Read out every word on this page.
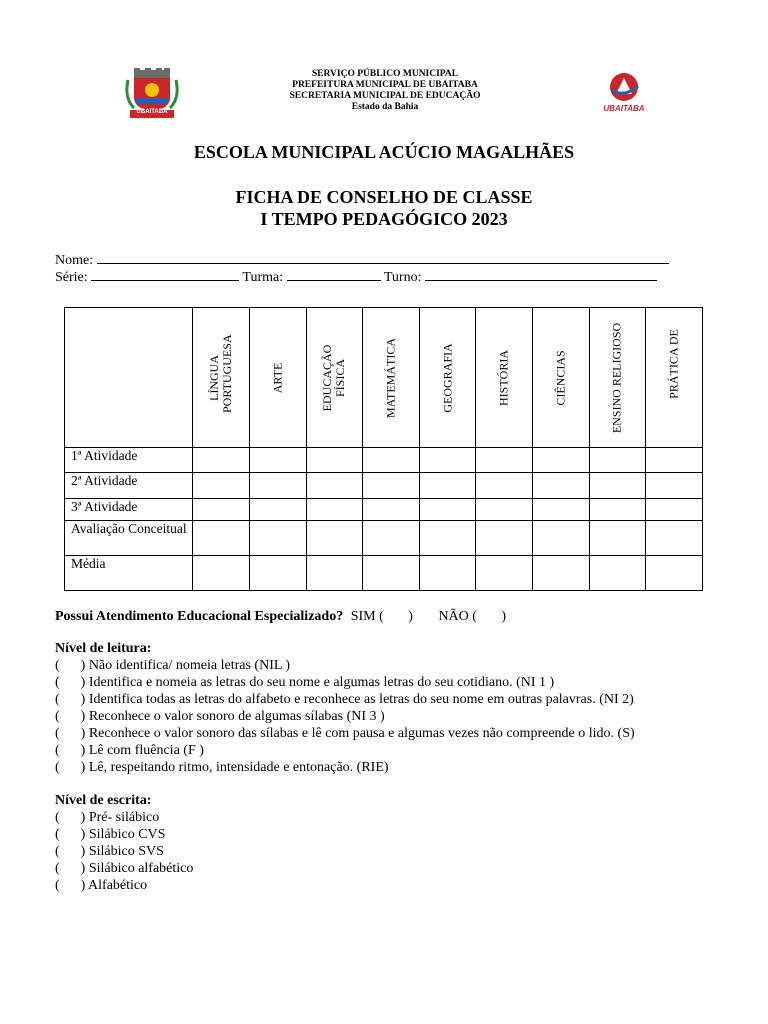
UBAITABA
SERVIÇO PÚBLICO MUNICIPAL
PREFEITURA MUNICIPAL DE UBAITABA
SECRETARIA MUNICIPAL DE EDUCAÇÃO
Estado da Bahia	UBAITABA
ESCOLA MUNICIPAL ACÚCIO MAGALHÃES
FICHA DE CONSELHO DE CLASSE
I TEMPO PEDAGÓGICO 2023
Nome:
Série:	Turma:	Turno:

	LÍNGUA PORTUGUESA	ARTE	EDUCAÇÃO FÍSICA	MATEMÁTICA	GEOGRAFIA	HISTÓRIA	CIÊNCIAS	ENSINO RELIGIOSO	PRÁTICA DE

1ª Atividade									
2ª Atividade									
3ª Atividade									
Avaliação Conceitual									
Média									
Possui Atendimento Educacional Especializado? SIM (       ) NÃO (       )
Nível de leitura:
(      ) Não identifica/ nomeia letras (NIL )
(      ) Identifica e nomeia as letras do seu nome e algumas letras do seu cotidiano. (NI 1 )
(      ) Identifica todas as letras do alfabeto e reconhece as letras do seu nome em outras palavras. (NI 2)
(      ) Reconhece o valor sonoro de algumas sílabas (NI 3 )
(      ) Reconhece o valor sonoro das sílabas e lê com pausa e algumas vezes não compreende o lido. (S)
(      ) Lê com fluência (F )
(      ) Lê, respeitando ritmo, intensidade e entonação. (RIE)
Nível de escrita:
(      ) Pré- silábico
(      ) Silábico CVS
(      ) Silábico SVS
(      ) Silábico alfabético
(      ) Alfabético
